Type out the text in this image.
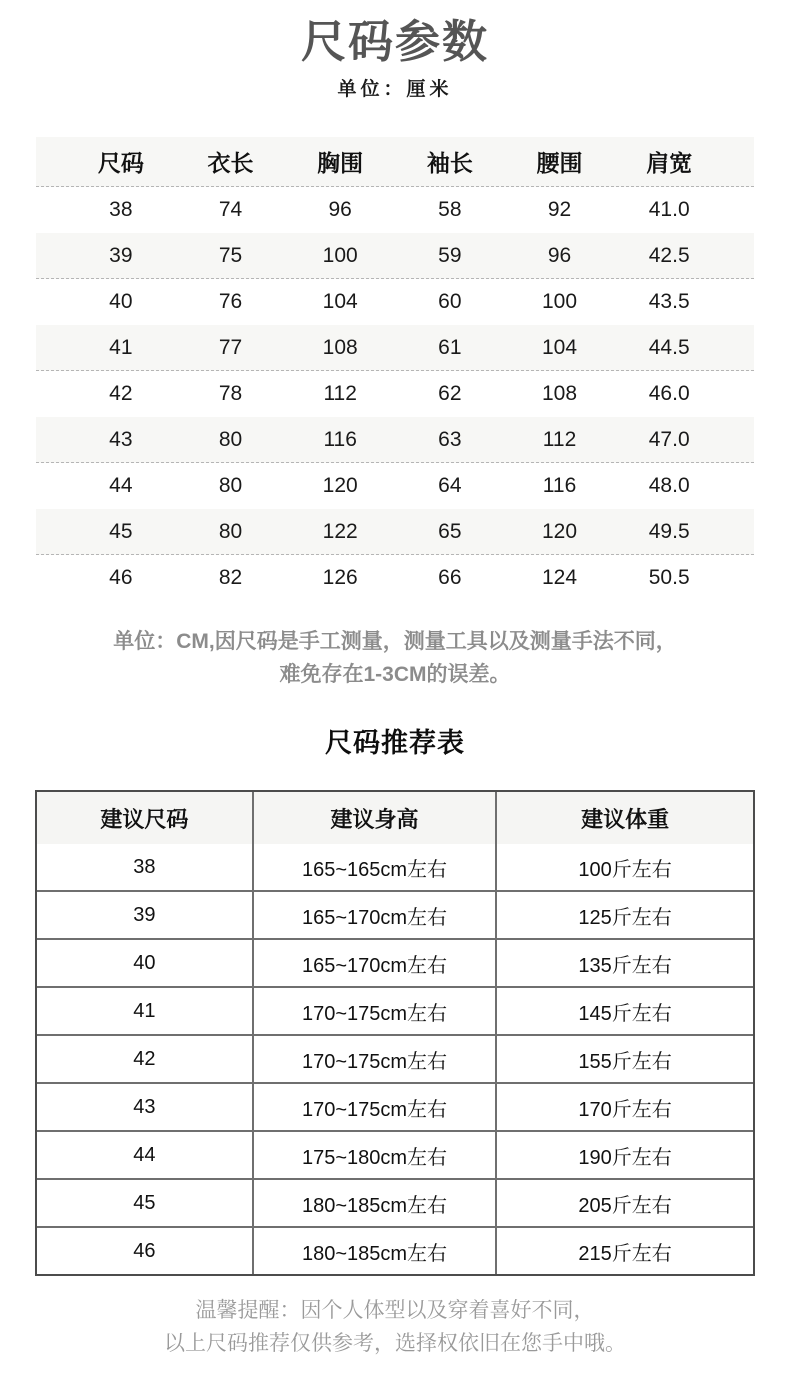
尺码参数
单位：厘米
尺码	衣长	胸围	袖长	腰围	肩宽
38	74	96	58	92	41.0
39	75	100	59	96	42.5
40	76	104	60	100	43.5
41	77	108	61	104	44.5
42	78	112	62	108	46.0
43	80	116	63	112	47.0
44	80	120	64	116	48.0
45	80	122	65	120	49.5
46	82	126	66	124	50.5
单位：CM,因尺码是手工测量，测量工具以及测量手法不同，
难免存在1-3CM的误差。
尺码推荐表
建议尺码	建议身高	建议体重
38	165~165cm左右	100斤左右
39	165~170cm左右	125斤左右
40	165~170cm左右	135斤左右
41	170~175cm左右	145斤左右
42	170~175cm左右	155斤左右
43	170~175cm左右	170斤左右
44	175~180cm左右	190斤左右
45	180~185cm左右	205斤左右
46	180~185cm左右	215斤左右
温馨提醒：因个人体型以及穿着喜好不同，
以上尺码推荐仅供参考，选择权依旧在您手中哦。
